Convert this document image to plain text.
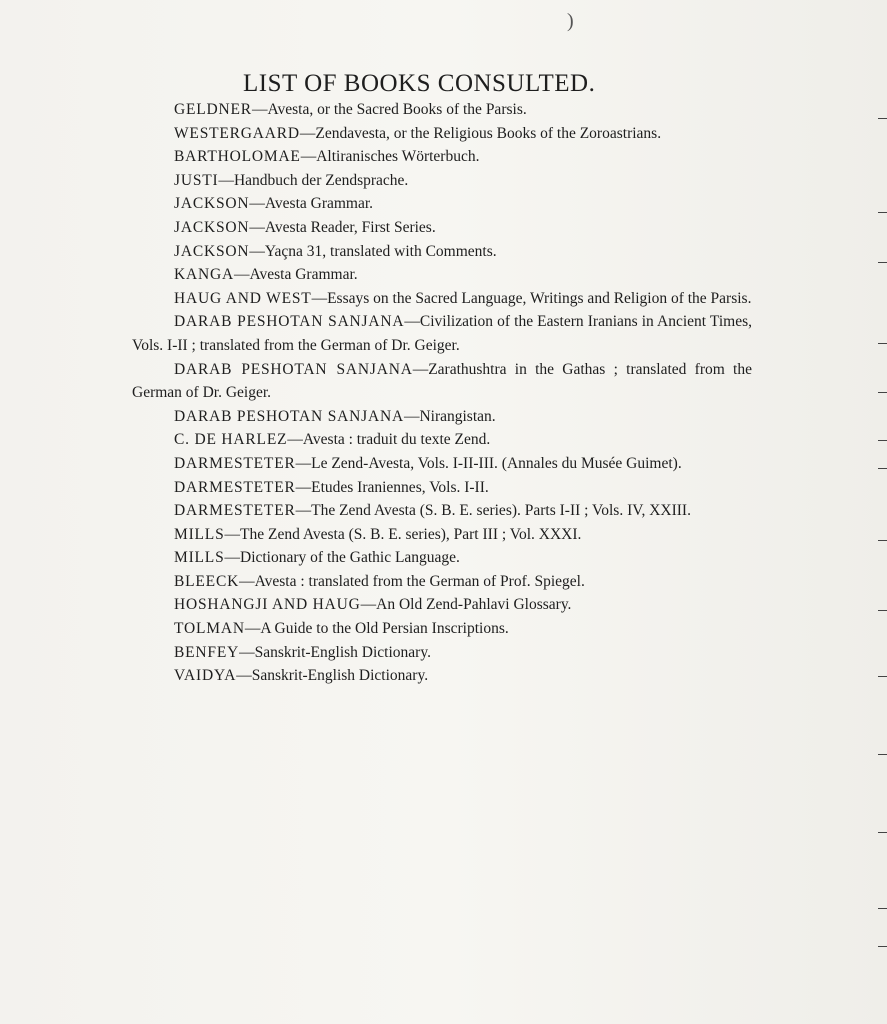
)
LIST OF BOOKS CONSULTED.
GELDNER—Avesta, or the Sacred Books of the Parsis.
WESTERGAARD—Zendavesta, or the Religious Books of the Zoroastrians.
BARTHOLOMAE—Altiranisches Wörterbuch.
JUSTI—Handbuch der Zendsprache.
JACKSON—Avesta Grammar.
JACKSON—Avesta Reader, First Series.
JACKSON—Yaçna 31, translated with Comments.
KANGA—Avesta Grammar.
HAUG AND WEST—Essays on the Sacred Language, Writings and Religion of the Parsis.
DARAB PESHOTAN SANJANA—Civilization of the Eastern Iranians in Ancient Times, Vols. I-II ; translated from the German of Dr. Geiger.
DARAB PESHOTAN SANJANA—Zarathushtra in the Gathas ; translated from the German of Dr. Geiger.
DARAB PESHOTAN SANJANA—Nirangistan.
C. DE HARLEZ—Avesta : traduit du texte Zend.
DARMESTETER—Le Zend-Avesta, Vols. I-II-III. (Annales du Musée Guimet).
DARMESTETER—Etudes Iraniennes, Vols. I-II.
DARMESTETER—The Zend Avesta (S. B. E. series). Parts I-II ; Vols. IV, XXIII.
MILLS—The Zend Avesta (S. B. E. series), Part III ; Vol. XXXI.
MILLS—Dictionary of the Gathic Language.
BLEECK—Avesta : translated from the German of Prof. Spiegel.
HOSHANGJI AND HAUG—An Old Zend-Pahlavi Glossary.
TOLMAN—A Guide to the Old Persian Inscriptions.
BENFEY—Sanskrit-English Dictionary.
VAIDYA—Sanskrit-English Dictionary.
